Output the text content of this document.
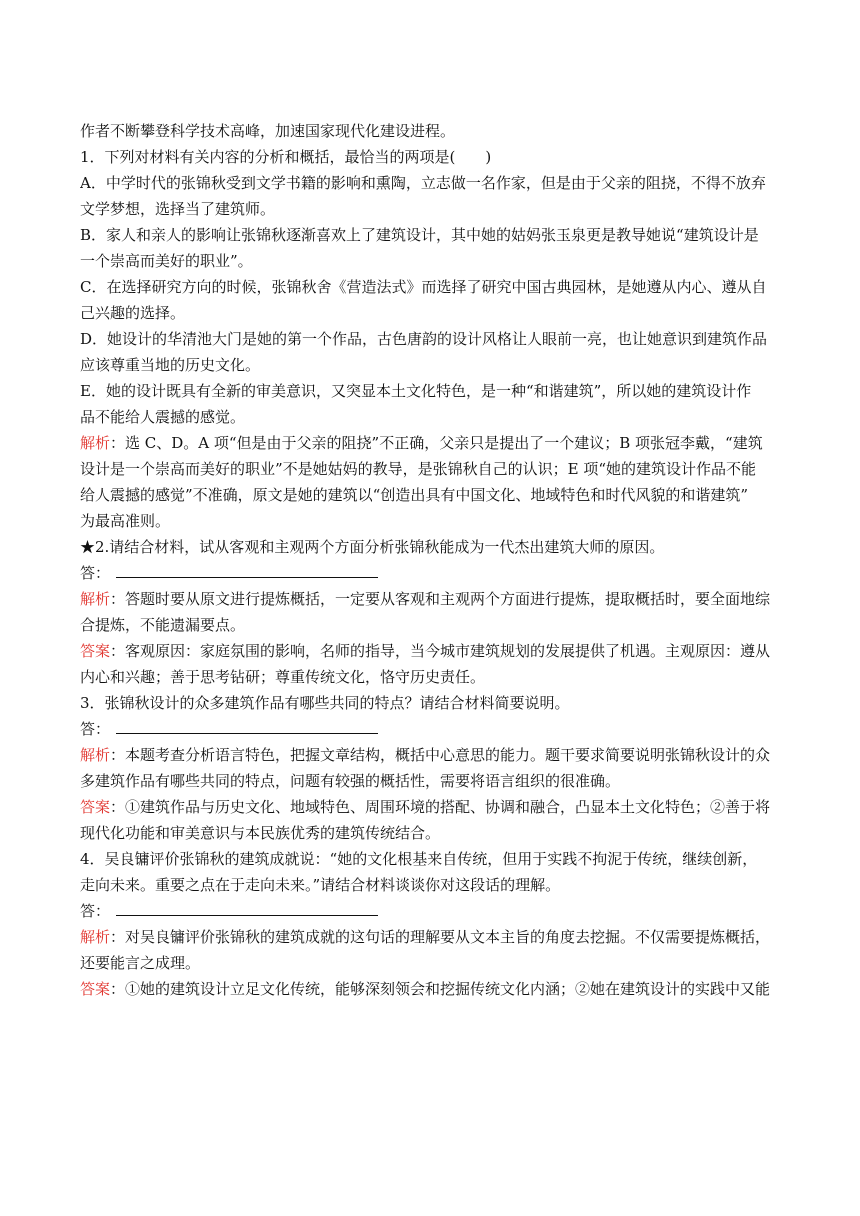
作者不断攀登科学技术高峰，加速国家现代化建设进程。
1．下列对材料有关内容的分析和概括，最恰当的两项是(　　)
A．中学时代的张锦秋受到文学书籍的影响和熏陶，立志做一名作家，但是由于父亲的阻挠，不得不放弃
文学梦想，选择当了建筑师。
B．家人和亲人的影响让张锦秋逐渐喜欢上了建筑设计，其中她的姑妈张玉泉更是教导她说“建筑设计是
一个崇高而美好的职业”。
C．在选择研究方向的时候，张锦秋舍《营造法式》而选择了研究中国古典园林，是她遵从内心、遵从自
己兴趣的选择。
D．她设计的华清池大门是她的第一个作品，古色唐韵的设计风格让人眼前一亮，也让她意识到建筑作品
应该尊重当地的历史文化。
E．她的设计既具有全新的审美意识，又突显本土文化特色，是一种“和谐建筑”，所以她的建筑设计作
品不能给人震撼的感觉。
解析：选 C、D。A 项“但是由于父亲的阻挠”不正确，父亲只是提出了一个建议；B 项张冠李戴，“建筑
设计是一个崇高而美好的职业”不是她姑妈的教导，是张锦秋自己的认识；E 项“她的建筑设计作品不能
给人震撼的感觉”不准确，原文是她的建筑以“创造出具有中国文化、地域特色和时代风貌的和谐建筑”
为最高准则。
★2.请结合材料，试从客观和主观两个方面分析张锦秋能成为一代杰出建筑大师的原因。
答：
解析：答题时要从原文进行提炼概括，一定要从客观和主观两个方面进行提炼，提取概括时，要全面地综
合提炼，不能遗漏要点。
答案：客观原因：家庭氛围的影响，名师的指导，当今城市建筑规划的发展提供了机遇。主观原因：遵从
内心和兴趣；善于思考钻研；尊重传统文化，恪守历史责任。
3．张锦秋设计的众多建筑作品有哪些共同的特点？请结合材料简要说明。
答：
解析：本题考查分析语言特色，把握文章结构，概括中心意思的能力。题干要求简要说明张锦秋设计的众
多建筑作品有哪些共同的特点，问题有较强的概括性，需要将语言组织的很准确。
答案：①建筑作品与历史文化、地域特色、周围环境的搭配、协调和融合，凸显本土文化特色；②善于将
现代化功能和审美意识与本民族优秀的建筑传统结合。
4．吴良镛评价张锦秋的建筑成就说：“她的文化根基来自传统，但用于实践不拘泥于传统，继续创新，
走向未来。重要之点在于走向未来。”请结合材料谈谈你对这段话的理解。
答：
解析：对吴良镛评价张锦秋的建筑成就的这句话的理解要从文本主旨的角度去挖掘。不仅需要提炼概括，
还要能言之成理。
答案：①她的建筑设计立足文化传统，能够深刻领会和挖掘传统文化内涵；②她在建筑设计的实践中又能
